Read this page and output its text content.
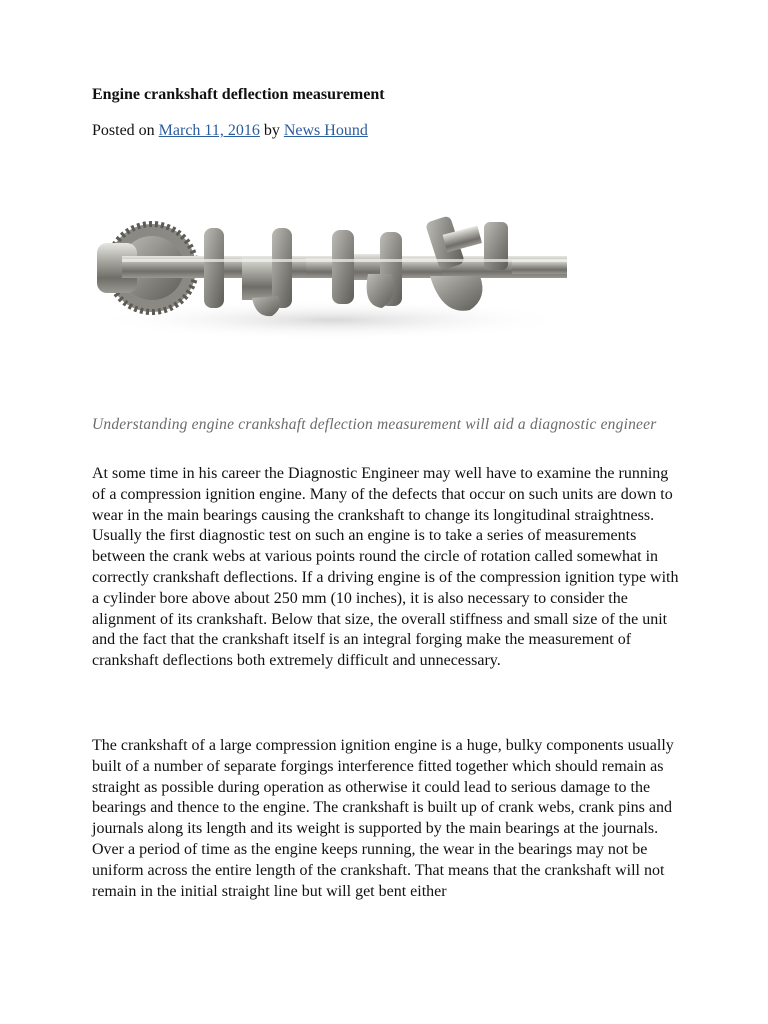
Engine crankshaft deflection measurement

Posted on March 11, 2016 by News Hound

Understanding engine crankshaft deflection measurement will aid a diagnostic engineer

At some time in his career the Diagnostic Engineer may well have to examine the running of a compression ignition engine. Many of the defects that occur on such units are down to wear in the main bearings causing the crankshaft to change its longitudinal straightness. Usually the first diagnostic test on such an engine is to take a series of measurements between the crank webs at various points round the circle of rotation called somewhat in correctly crankshaft deflections. If a driving engine is of the compression ignition type with a cylinder bore above about 250 mm (10 inches), it is also necessary to consider the alignment of its crankshaft. Below that size, the overall stiffness and small size of the unit and the fact that the crankshaft itself is an integral forging make the measurement of crankshaft deflections both extremely difficult and unnecessary.

The crankshaft of a large compression ignition engine is a huge, bulky components usually built of a number of separate forgings interference fitted together which should remain as straight as possible during operation as otherwise it could lead to serious damage to the bearings and thence to the engine. The crankshaft is built up of crank webs, crank pins and journals along its length and its weight is supported by the main bearings at the journals. Over a period of time as the engine keeps running, the wear in the bearings may not be uniform across the entire length of the crankshaft. That means that the crankshaft will not remain in the initial straight line but will get bent either
